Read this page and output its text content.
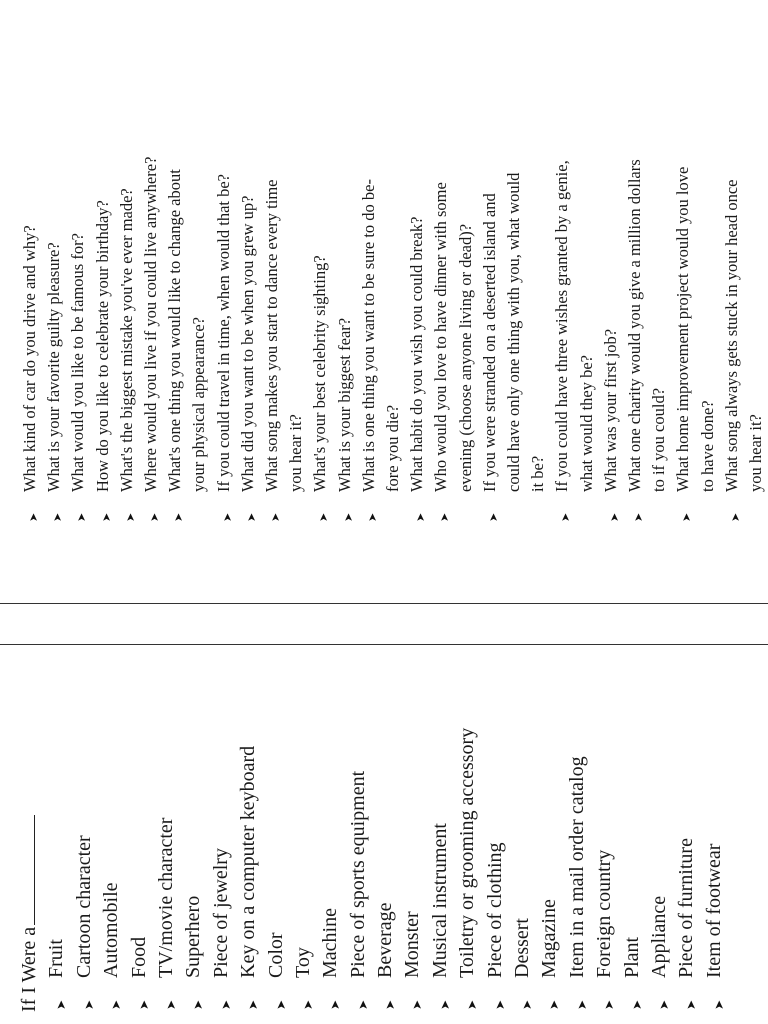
If I Were a	➤
Fruit
➤
Cartoon character
➤
Automobile
➤
Food
➤
TV/movie character
➤
Superhero
➤
Piece of jewelry
➤
Key on a computer keyboard
➤
Color
➤
Toy
➤
Machine
➤
Piece of sports equipment
➤
Beverage
➤
Monster
➤
Musical instrument
➤
Toiletry or grooming accessory
➤
Piece of clothing
➤
Dessert
➤
Magazine
➤
Item in a mail order catalog
➤
Foreign country
➤
Plant
➤
Appliance
➤
Piece of furniture
➤
Item of footwear
➤
What kind of car do you drive and why?
➤
What is your favorite guilty pleasure?
➤
What would you like to be famous for?
➤
How do you like to celebrate your birthday?
➤
What's the biggest mistake you've ever made?
➤
Where would you live if you could live anywhere?
➤
What's one thing you would like to change about your physical appearance?
➤
If you could travel in time, when would that be?
➤
What did you want to be when you grew up?
➤
What song makes you start to dance every time you hear it?
➤
What's your best celebrity sighting?
➤
What is your biggest fear?
➤
What is one thing you want to be sure to do be- fore you die?
➤
What habit do you wish you could break?
➤
Who would you love to have dinner with some evening (choose anyone living or dead)?
➤
If you were stranded on a deserted island and could have only one thing with you, what would it be?
➤
If you could have three wishes granted by a genie, what would they be?
➤
What was your first job?
➤
What one charity would you give a million dollars to if you could?
➤
What home improvement project would you love to have done?
➤
What song always gets stuck in your head once you hear it?
